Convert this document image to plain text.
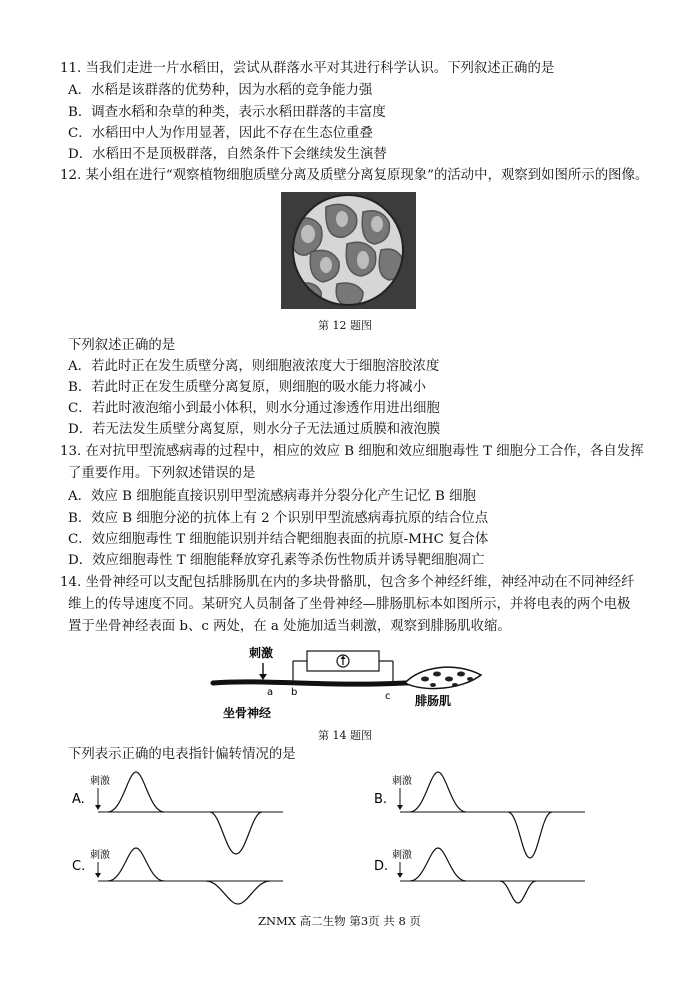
11. 当我们走进一片水稻田，尝试从群落水平对其进行科学认识。下列叙述正确的是
A．水稻是该群落的优势种，因为水稻的竞争能力强
B．调查水稻和杂草的种类，表示水稻田群落的丰富度
C．水稻田中人为作用显著，因此不存在生态位重叠
D．水稻田不是顶极群落，自然条件下会继续发生演替
12. 某小组在进行“观察植物细胞质壁分离及质壁分离复原现象”的活动中，观察到如图所示的图像。
第 12 题图
下列叙述正确的是
A．若此时正在发生质壁分离，则细胞液浓度大于细胞溶胶浓度
B．若此时正在发生质壁分离复原，则细胞的吸水能力将减小
C．若此时液泡缩小到最小体积，则水分通过渗透作用进出细胞
D．若无法发生质壁分离复原，则水分子无法通过质膜和液泡膜
13. 在对抗甲型流感病毒的过程中，相应的效应 B 细胞和效应细胞毒性 T 细胞分工合作，各自发挥
了重要作用。下列叙述错误的是
A．效应 B 细胞能直接识别甲型流感病毒并分裂分化产生记忆 B 细胞
B．效应 B 细胞分泌的抗体上有 2 个识别甲型流感病毒抗原的结合位点
C．效应细胞毒性 T 细胞能识别并结合靶细胞表面的抗原-MHC 复合体
D．效应细胞毒性 T 细胞能释放穿孔素等杀伤性物质并诱导靶细胞凋亡
14. 坐骨神经可以支配包括腓肠肌在内的多块骨骼肌，包含多个神经纤维，神经冲动在不同神经纤
维上的传导速度不同。某研究人员制备了坐骨神经—腓肠肌标本如图所示，并将电表的两个电极
置于坐骨神经表面 b、c 两处，在 a 处施加适当刺激，观察到腓肠肌收缩。
刺激
a b	c 腓肠肌
坐骨神经
第 14 题图
下列表示正确的电表指针偏转情况的是
A.
刺激
B.
刺激
C.
刺激
D.
刺激
ZNMX 高二生物 第3页 共 8 页
